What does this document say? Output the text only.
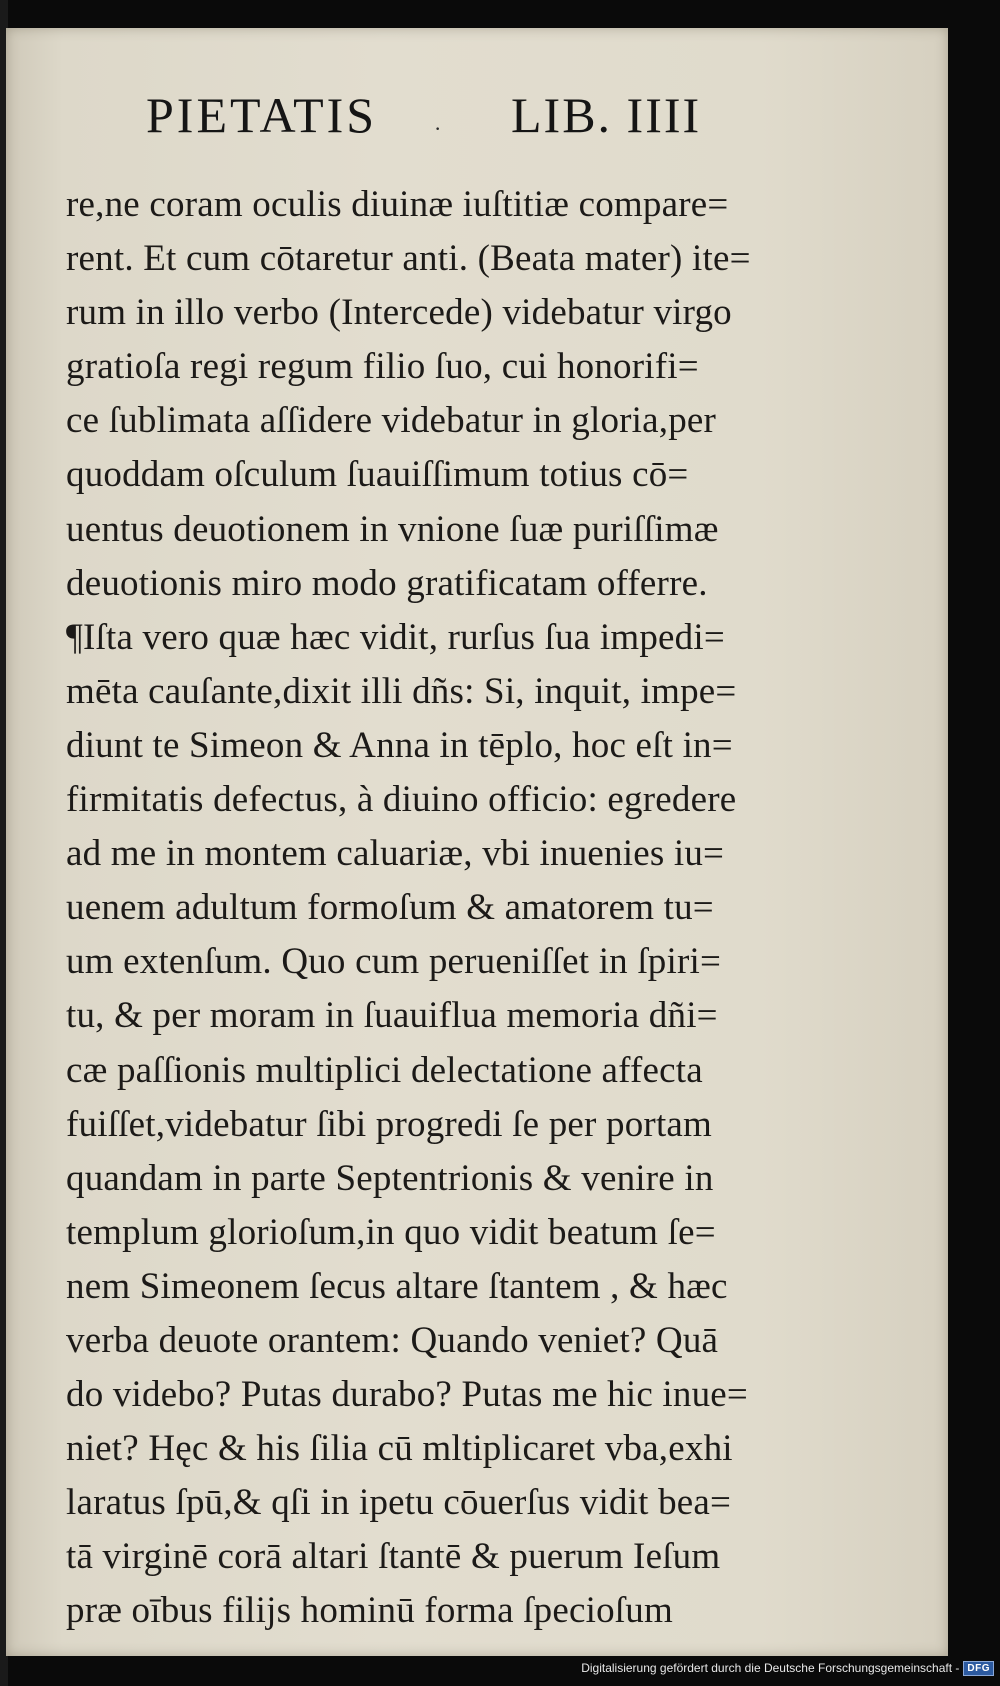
PIETATIS	· LIB. IIII
re,ne coram oculis diuinæ iuſtitiæ compare=
rent. Et cum cōtaretur anti. (Beata mater) ite=
rum in illo verbo (Intercede) videbatur virgo
gratioſa regi regum filio ſuo, cui honorifi=
ce ſublimata aſſidere videbatur in gloria,per
quoddam oſculum ſuauiſſimum totius cō=
uentus deuotionem in vnione ſuæ puriſſimæ
deuotionis miro modo gratificatam offerre.
¶Iſta vero quæ hæc vidit, rurſus ſua impedi=
mēta cauſante,dixit illi dñs: Si, inquit, impe=
diunt te Simeon & Anna in tēplo, hoc eſt in=
firmitatis defectus, à diuino officio: egredere
ad me in montem caluariæ, vbi inuenies iu=
uenem adultum formoſum & amatorem tu=
um extenſum. Quo cum perueniſſet in ſpiri=
tu, & per moram in ſuauiflua memoria dñi=
cæ paſſionis multiplici delectatione affecta
fuiſſet,videbatur ſibi progredi ſe per portam
quandam in parte Septentrionis & venire in
templum glorioſum,in quo vidit beatum ſe=
nem Simeonem ſecus altare ſtantem , & hæc
verba deuote orantem: Quando veniet? Quā
do videbo? Putas durabo? Putas me hic inue=
niet? Hęc & his ſilia cū mltiplicaret vba,exhi
laratus ſpū,& qſi in ipetu cōuerſus vidit bea=
tā virginē corā altari ſtantē & puerum Ieſum
præ oībus filijs hominū forma ſpecioſum
Digitalisierung gefördert durch die Deutsche Forschungsgemeinschaft - DFG
